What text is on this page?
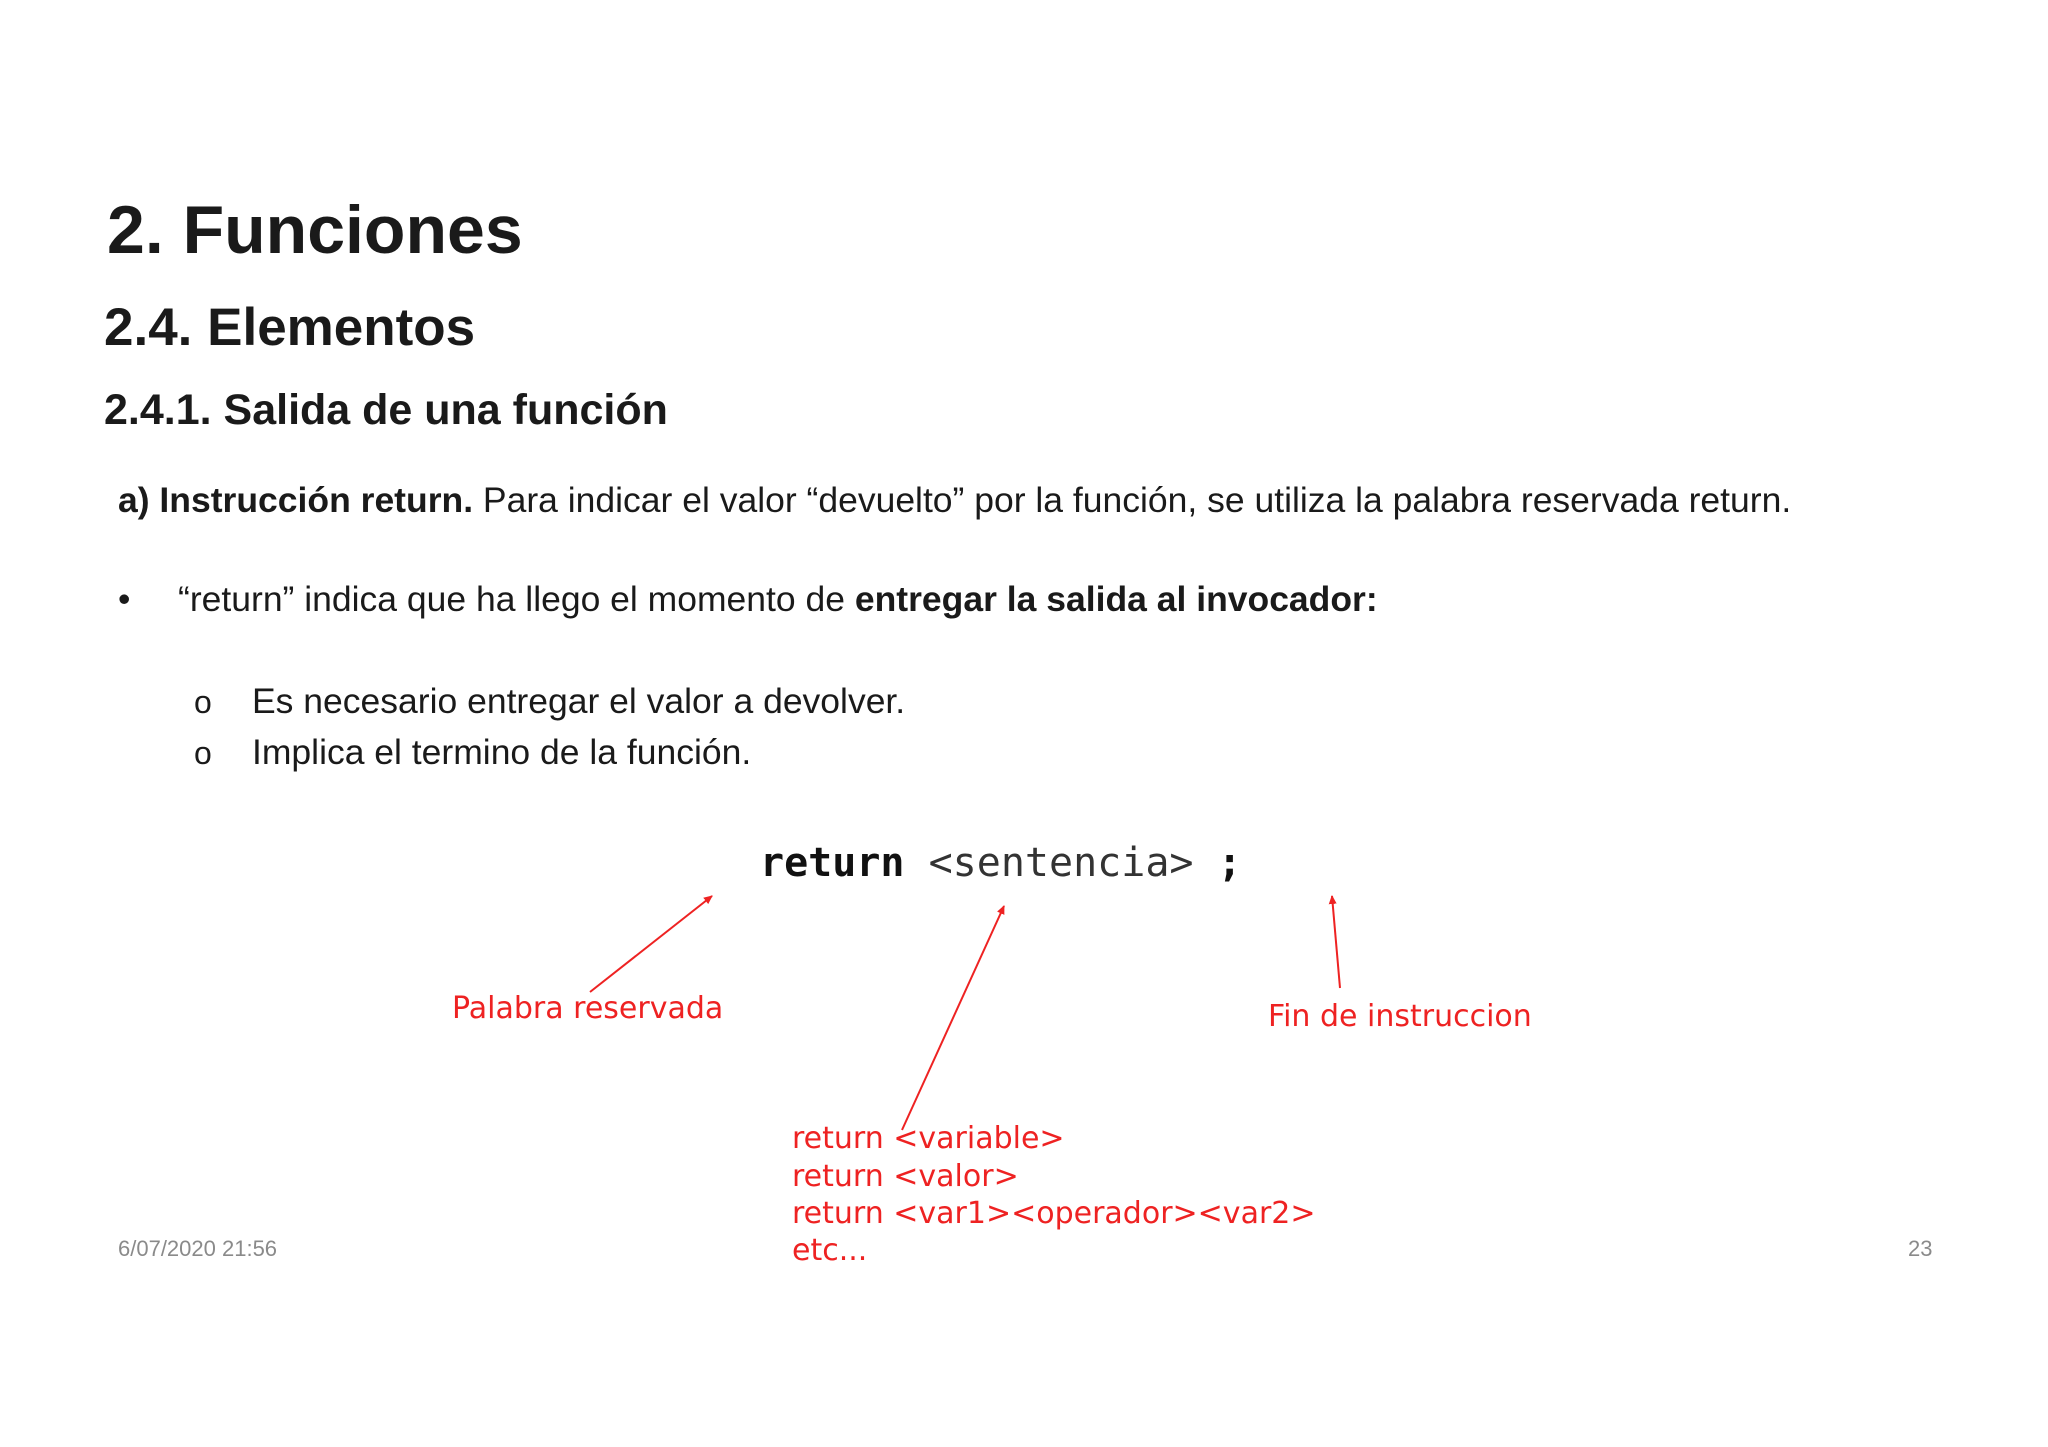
2. Funciones
2.4. Elementos
2.4.1. Salida de una función
a) Instrucción return. Para indicar el valor “devuelto” por la función, se utiliza la palabra reservada return.
• “return” indica que ha llego el momento de entregar la salida al invocador:
o Es necesario entregar el valor a devolver.
o Implica el termino de la función.
return <sentencia> ;
Palabra reservada	Fin de instruccion
return <variable>
return <valor>
return <var1><operador><var2>
etc...
6/07/2020 21:56	23
